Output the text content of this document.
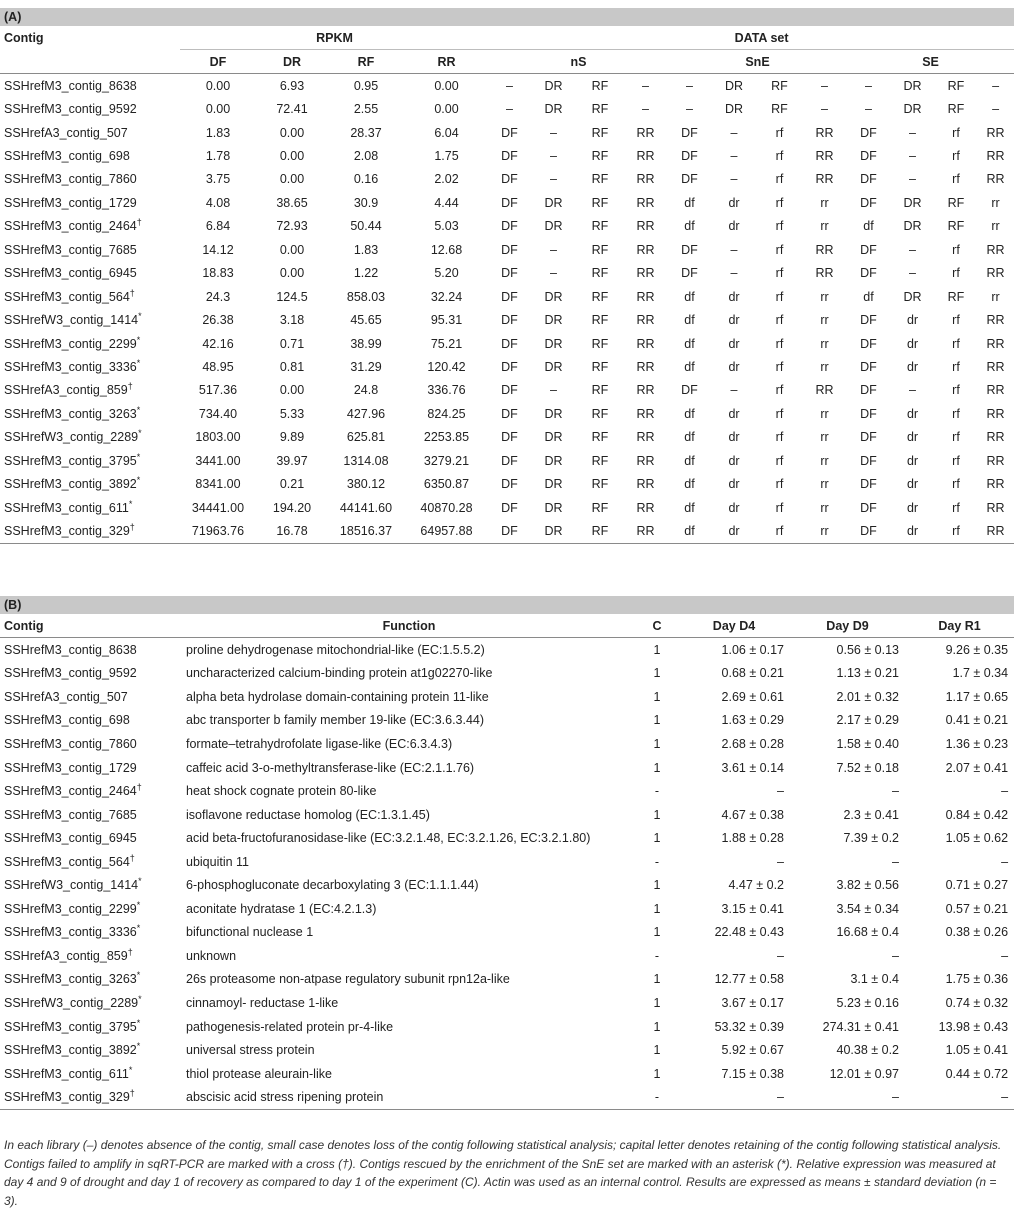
(A)																
Contig	RPKM				DATA set											
	DF	DR	RF	RR	nS				SnE				SE			
SSHrefM3_contig_8638	0.00	6.93	0.95	0.00	–	DR	RF	–	–	DR	RF	–	–	DR	RF	–
SSHrefM3_contig_9592	0.00	72.41	2.55	0.00	–	DR	RF	–	–	DR	RF	–	–	DR	RF	–
SSHrefA3_contig_507	1.83	0.00	28.37	6.04	DF	–	RF	RR	DF	–	rf	RR	DF	–	rf	RR
SSHrefM3_contig_698	1.78	0.00	2.08	1.75	DF	–	RF	RR	DF	–	rf	RR	DF	–	rf	RR
SSHrefM3_contig_7860	3.75	0.00	0.16	2.02	DF	–	RF	RR	DF	–	rf	RR	DF	–	rf	RR
SSHrefM3_contig_1729	4.08	38.65	30.9	4.44	DF	DR	RF	RR	df	dr	rf	rr	DF	DR	RF	rr
SSHrefM3_contig_2464†	6.84	72.93	50.44	5.03	DF	DR	RF	RR	df	dr	rf	rr	df	DR	RF	rr
SSHrefM3_contig_7685	14.12	0.00	1.83	12.68	DF	–	RF	RR	DF	–	rf	RR	DF	–	rf	RR
SSHrefM3_contig_6945	18.83	0.00	1.22	5.20	DF	–	RF	RR	DF	–	rf	RR	DF	–	rf	RR
SSHrefM3_contig_564†	24.3	124.5	858.03	32.24	DF	DR	RF	RR	df	dr	rf	rr	df	DR	RF	rr
SSHrefW3_contig_1414*	26.38	3.18	45.65	95.31	DF	DR	RF	RR	df	dr	rf	rr	DF	dr	rf	RR
SSHrefM3_contig_2299*	42.16	0.71	38.99	75.21	DF	DR	RF	RR	df	dr	rf	rr	DF	dr	rf	RR
SSHrefM3_contig_3336*	48.95	0.81	31.29	120.42	DF	DR	RF	RR	df	dr	rf	rr	DF	dr	rf	RR
SSHrefA3_contig_859†	517.36	0.00	24.8	336.76	DF	–	RF	RR	DF	–	rf	RR	DF	–	rf	RR
SSHrefM3_contig_3263*	734.40	5.33	427.96	824.25	DF	DR	RF	RR	df	dr	rf	rr	DF	dr	rf	RR
SSHrefW3_contig_2289*	1803.00	9.89	625.81	2253.85	DF	DR	RF	RR	df	dr	rf	rr	DF	dr	rf	RR
SSHrefM3_contig_3795*	3441.00	39.97	1314.08	3279.21	DF	DR	RF	RR	df	dr	rf	rr	DF	dr	rf	RR
SSHrefM3_contig_3892*	8341.00	0.21	380.12	6350.87	DF	DR	RF	RR	df	dr	rf	rr	DF	dr	rf	RR
SSHrefM3_contig_611*	34441.00	194.20	44141.60	40870.28	DF	DR	RF	RR	df	dr	rf	rr	DF	dr	rf	RR
SSHrefM3_contig_329†	71963.76	16.78	18516.37	64957.88	DF	DR	RF	RR	df	dr	rf	rr	DF	dr	rf	RR
(B)					
Contig	Function	C	Day D4	Day D9	Day R1
SSHrefM3_contig_8638	proline dehydrogenase mitochondrial-like (EC:1.5.5.2)	1	1.06 ± 0.17	0.56 ± 0.13	9.26 ± 0.35
SSHrefM3_contig_9592	uncharacterized calcium-binding protein at1g02270-like	1	0.68 ± 0.21	1.13 ± 0.21	1.7 ± 0.34
SSHrefA3_contig_507	alpha beta hydrolase domain-containing protein 11-like	1	2.69 ± 0.61	2.01 ± 0.32	1.17 ± 0.65
SSHrefM3_contig_698	abc transporter b family member 19-like (EC:3.6.3.44)	1	1.63 ± 0.29	2.17 ± 0.29	0.41 ± 0.21
SSHrefM3_contig_7860	formate–tetrahydrofolate ligase-like (EC:6.3.4.3)	1	2.68 ± 0.28	1.58 ± 0.40	1.36 ± 0.23
SSHrefM3_contig_1729	caffeic acid 3-o-methyltransferase-like (EC:2.1.1.76)	1	3.61 ± 0.14	7.52 ± 0.18	2.07 ± 0.41
SSHrefM3_contig_2464†	heat shock cognate protein 80-like	-	–	–	–
SSHrefM3_contig_7685	isoflavone reductase homolog (EC:1.3.1.45)	1	4.67 ± 0.38	2.3 ± 0.41	0.84 ± 0.42
SSHrefM3_contig_6945	acid beta-fructofuranosidase-like (EC:3.2.1.48, EC:3.2.1.26, EC:3.2.1.80)	1	1.88 ± 0.28	7.39 ± 0.2	1.05 ± 0.62
SSHrefM3_contig_564†	ubiquitin 11	-	–	–	–
SSHrefW3_contig_1414*	6-phosphogluconate decarboxylating 3 (EC:1.1.1.44)	1	4.47 ± 0.2	3.82 ± 0.56	0.71 ± 0.27
SSHrefM3_contig_2299*	aconitate hydratase 1 (EC:4.2.1.3)	1	3.15 ± 0.41	3.54 ± 0.34	0.57 ± 0.21
SSHrefM3_contig_3336*	bifunctional nuclease 1	1	22.48 ± 0.43	16.68 ± 0.4	0.38 ± 0.26
SSHrefA3_contig_859†	unknown	-	–	–	–
SSHrefM3_contig_3263*	26s proteasome non-atpase regulatory subunit rpn12a-like	1	12.77 ± 0.58	3.1 ± 0.4	1.75 ± 0.36
SSHrefW3_contig_2289*	cinnamoyl- reductase 1-like	1	3.67 ± 0.17	5.23 ± 0.16	0.74 ± 0.32
SSHrefM3_contig_3795*	pathogenesis-related protein pr-4-like	1	53.32 ± 0.39	274.31 ± 0.41	13.98 ± 0.43
SSHrefM3_contig_3892*	universal stress protein	1	5.92 ± 0.67	40.38 ± 0.2	1.05 ± 0.41
SSHrefM3_contig_611*	thiol protease aleurain-like	1	7.15 ± 0.38	12.01 ± 0.97	0.44 ± 0.72
SSHrefM3_contig_329†	abscisic acid stress ripening protein	-	–	–	–
In each library (–) denotes absence of the contig, small case denotes loss of the contig following statistical analysis; capital letter denotes retaining of the contig following statistical analysis. Contigs failed to amplify in sqRT-PCR are marked with a cross (†). Contigs rescued by the enrichment of the SnE set are marked with an asterisk (*). Relative expression was measured at day 4 and 9 of drought and day 1 of recovery as compared to day 1 of the experiment (C). Actin was used as an internal control. Results are expressed as means ± standard deviation (n = 3).
